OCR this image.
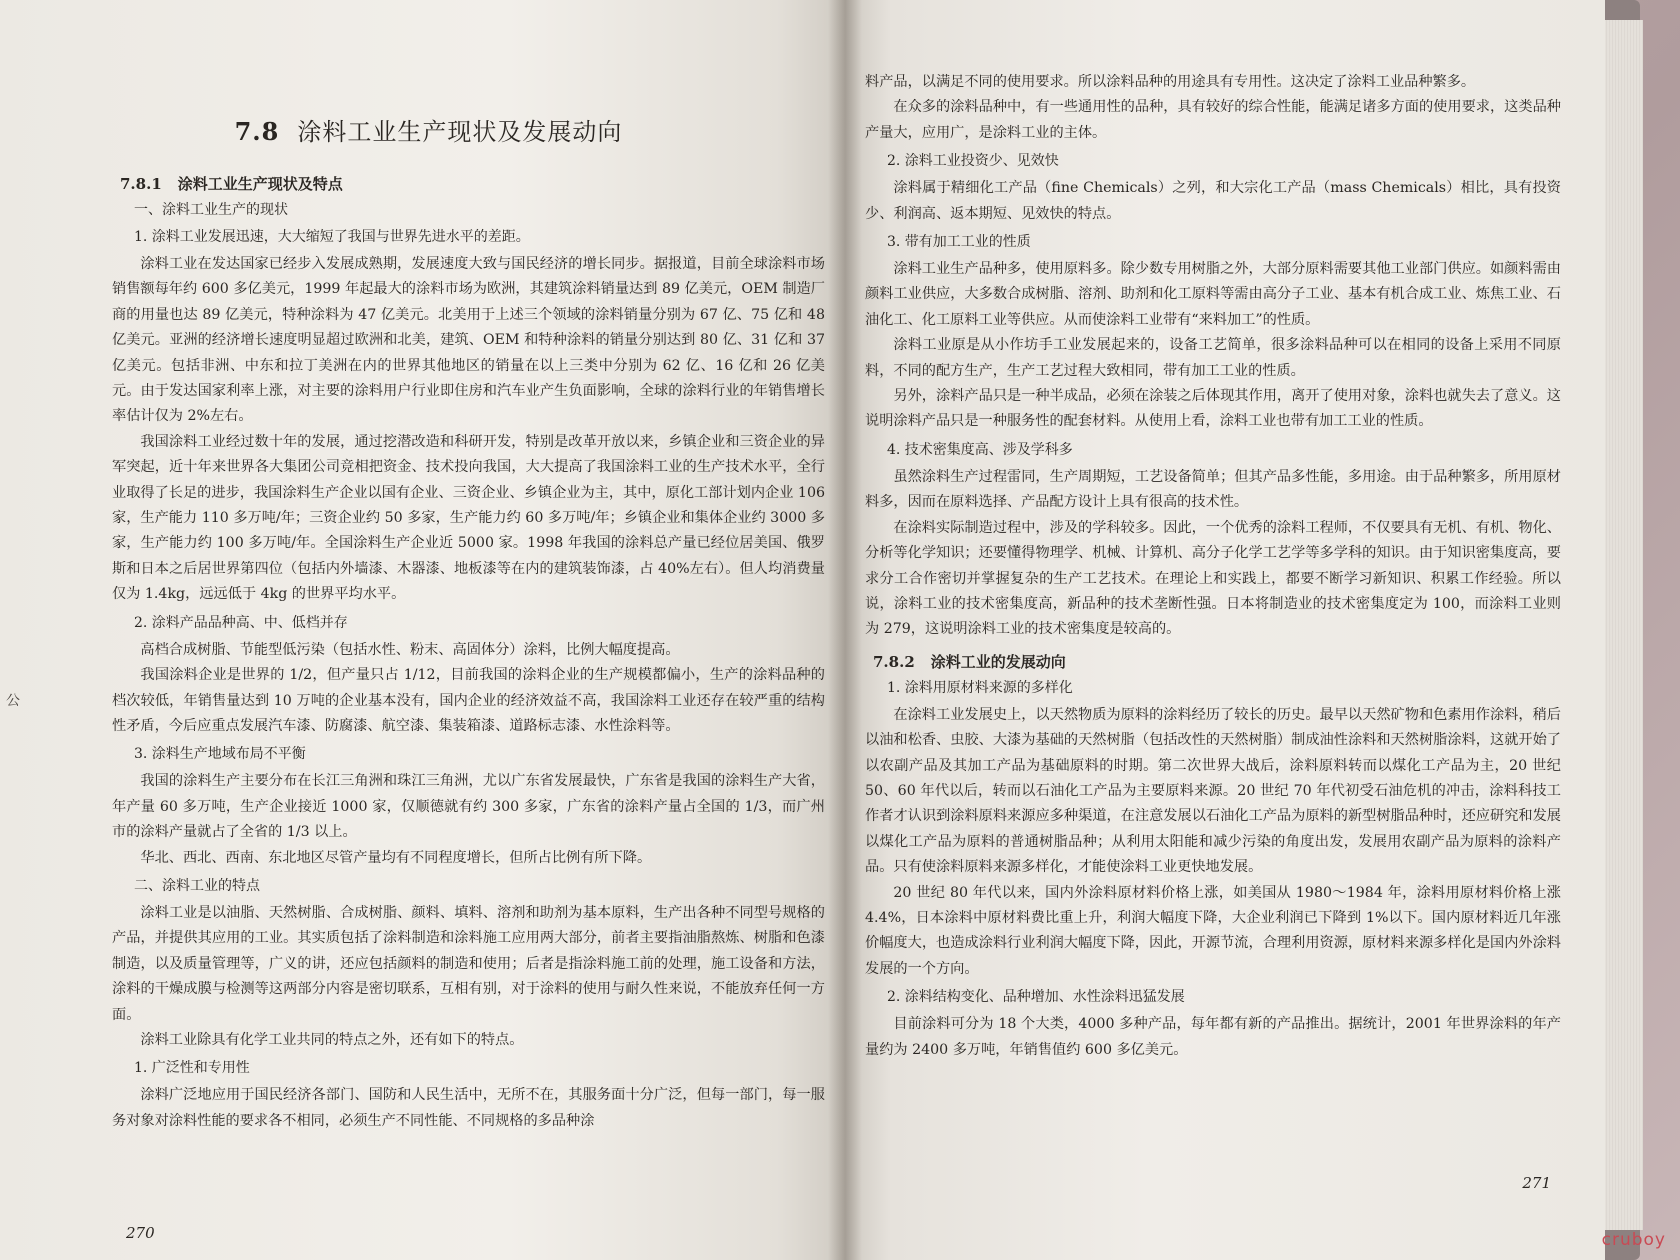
公
7.8 涂料工业生产现状及发展动向
7.8.1 涂料工业生产现状及特点

一、涂料工业生产的现状

1. 涂料工业发展迅速，大大缩短了我国与世界先进水平的差距。

涂料工业在发达国家已经步入发展成熟期，发展速度大致与国民经济的增长同步。据报道，目前全球涂料市场销售额每年约 600 多亿美元，1999 年起最大的涂料市场为欧洲，其建筑涂料销量达到 89 亿美元，OEM 制造厂商的用量也达 89 亿美元，特种涂料为 47 亿美元。北美用于上述三个领域的涂料销量分别为 67 亿、75 亿和 48 亿美元。亚洲的经济增长速度明显超过欧洲和北美，建筑、OEM 和特种涂料的销量分别达到 80 亿、31 亿和 37 亿美元。包括非洲、中东和拉丁美洲在内的世界其他地区的销量在以上三类中分别为 62 亿、16 亿和 26 亿美元。由于发达国家利率上涨，对主要的涂料用户行业即住房和汽车业产生负面影响，全球的涂料行业的年销售增长率估计仅为 2%左右。

我国涂料工业经过数十年的发展，通过挖潜改造和科研开发，特别是改革开放以来，乡镇企业和三资企业的异军突起，近十年来世界各大集团公司竞相把资金、技术投向我国，大大提高了我国涂料工业的生产技术水平，全行业取得了长足的进步，我国涂料生产企业以国有企业、三资企业、乡镇企业为主，其中，原化工部计划内企业 106 家，生产能力 110 多万吨/年；三资企业约 50 多家，生产能力约 60 多万吨/年；乡镇企业和集体企业约 3000 多家，生产能力约 100 多万吨/年。全国涂料生产企业近 5000 家。1998 年我国的涂料总产量已经位居美国、俄罗斯和日本之后居世界第四位（包括内外墙漆、木器漆、地板漆等在内的建筑装饰漆，占 40%左右）。但人均消费量仅为 1.4kg，远远低于 4kg 的世界平均水平。

2. 涂料产品品种高、中、低档并存

高档合成树脂、节能型低污染（包括水性、粉末、高固体分）涂料，比例大幅度提高。

我国涂料企业是世界的 1/2，但产量只占 1/12，目前我国的涂料企业的生产规模都偏小，生产的涂料品种的档次较低，年销售量达到 10 万吨的企业基本没有，国内企业的经济效益不高，我国涂料工业还存在较严重的结构性矛盾，今后应重点发展汽车漆、防腐漆、航空漆、集装箱漆、道路标志漆、水性涂料等。

3. 涂料生产地域布局不平衡

我国的涂料生产主要分布在长江三角洲和珠江三角洲，尤以广东省发展最快，广东省是我国的涂料生产大省，年产量 60 多万吨，生产企业接近 1000 家，仅顺德就有约 300 多家，广东省的涂料产量占全国的 1/3，而广州市的涂料产量就占了全省的 1/3 以上。

华北、西北、西南、东北地区尽管产量均有不同程度增长，但所占比例有所下降。

二、涂料工业的特点

涂料工业是以油脂、天然树脂、合成树脂、颜料、填料、溶剂和助剂为基本原料，生产出各种不同型号规格的产品，并提供其应用的工业。其实质包括了涂料制造和涂料施工应用两大部分，前者主要指油脂熬炼、树脂和色漆制造，以及质量管理等，广义的讲，还应包括颜料的制造和使用；后者是指涂料施工前的处理，施工设备和方法，涂料的干燥成膜与检测等这两部分内容是密切联系，互相有别，对于涂料的使用与耐久性来说，不能放弃任何一方面。

涂料工业除具有化学工业共同的特点之外，还有如下的特点。

1. 广泛性和专用性

涂料广泛地应用于国民经济各部门、国防和人民生活中，无所不在，其服务面十分广泛，但每一部门，每一服务对象对涂料性能的要求各不相同，必须生产不同性能、不同规格的多品种涂

270

料产品，以满足不同的使用要求。所以涂料品种的用途具有专用性。这决定了涂料工业品种繁多。

在众多的涂料品种中，有一些通用性的品种，具有较好的综合性能，能满足诸多方面的使用要求，这类品种产量大，应用广，是涂料工业的主体。

2. 涂料工业投资少、见效快

涂料属于精细化工产品（fine Chemicals）之列，和大宗化工产品（mass Chemicals）相比，具有投资少、利润高、返本期短、见效快的特点。

3. 带有加工工业的性质

涂料工业生产品种多，使用原料多。除少数专用树脂之外，大部分原料需要其他工业部门供应。如颜料需由颜料工业供应，大多数合成树脂、溶剂、助剂和化工原料等需由高分子工业、基本有机合成工业、炼焦工业、石油化工、化工原料工业等供应。从而使涂料工业带有“来料加工”的性质。

涂料工业原是从小作坊手工业发展起来的，设备工艺简单，很多涂料品种可以在相同的设备上采用不同原料，不同的配方生产，生产工艺过程大致相同，带有加工工业的性质。

另外，涂料产品只是一种半成品，必须在涂装之后体现其作用，离开了使用对象，涂料也就失去了意义。这说明涂料产品只是一种服务性的配套材料。从使用上看，涂料工业也带有加工工业的性质。

4. 技术密集度高、涉及学科多

虽然涂料生产过程雷同，生产周期短，工艺设备简单；但其产品多性能，多用途。由于品种繁多，所用原材料多，因而在原料选择、产品配方设计上具有很高的技术性。

在涂料实际制造过程中，涉及的学科较多。因此，一个优秀的涂料工程师，不仅要具有无机、有机、物化、分析等化学知识；还要懂得物理学、机械、计算机、高分子化学工艺学等多学科的知识。由于知识密集度高，要求分工合作密切并掌握复杂的生产工艺技术。在理论上和实践上，都要不断学习新知识、积累工作经验。所以说，涂料工业的技术密集度高，新品种的技术垄断性强。日本将制造业的技术密集度定为 100，而涂料工业则为 279，这说明涂料工业的技术密集度是较高的。

7.8.2 涂料工业的发展动向

1. 涂料用原材料来源的多样化

在涂料工业发展史上，以天然物质为原料的涂料经历了较长的历史。最早以天然矿物和色素用作涂料，稍后以油和松香、虫胶、大漆为基础的天然树脂（包括改性的天然树脂）制成油性涂料和天然树脂涂料，这就开始了以农副产品及其加工产品为基础原料的时期。第二次世界大战后，涂料原料转而以煤化工产品为主，20 世纪 50、60 年代以后，转而以石油化工产品为主要原料来源。20 世纪 70 年代初受石油危机的冲击，涂料科技工作者才认识到涂料原料来源应多种渠道，在注意发展以石油化工产品为原料的新型树脂品种时，还应研究和发展以煤化工产品为原料的普通树脂品种；从利用太阳能和减少污染的角度出发，发展用农副产品为原料的涂料产品。只有使涂料原料来源多样化，才能使涂料工业更快地发展。

20 世纪 80 年代以来，国内外涂料原材料价格上涨，如美国从 1980～1984 年，涂料用原材料价格上涨 4.4%，日本涂料中原材料费比重上升，利润大幅度下降，大企业利润已下降到 1%以下。国内原材料近几年涨价幅度大，也造成涂料行业利润大幅度下降，因此，开源节流，合理利用资源，原材料来源多样化是国内外涂料发展的一个方向。

2. 涂料结构变化、品种增加、水性涂料迅猛发展

目前涂料可分为 18 个大类，4000 多种产品，每年都有新的产品推出。据统计，2001 年世界涂料的年产量约为 2400 多万吨，年销售值约 600 多亿美元。

271
cruboy
